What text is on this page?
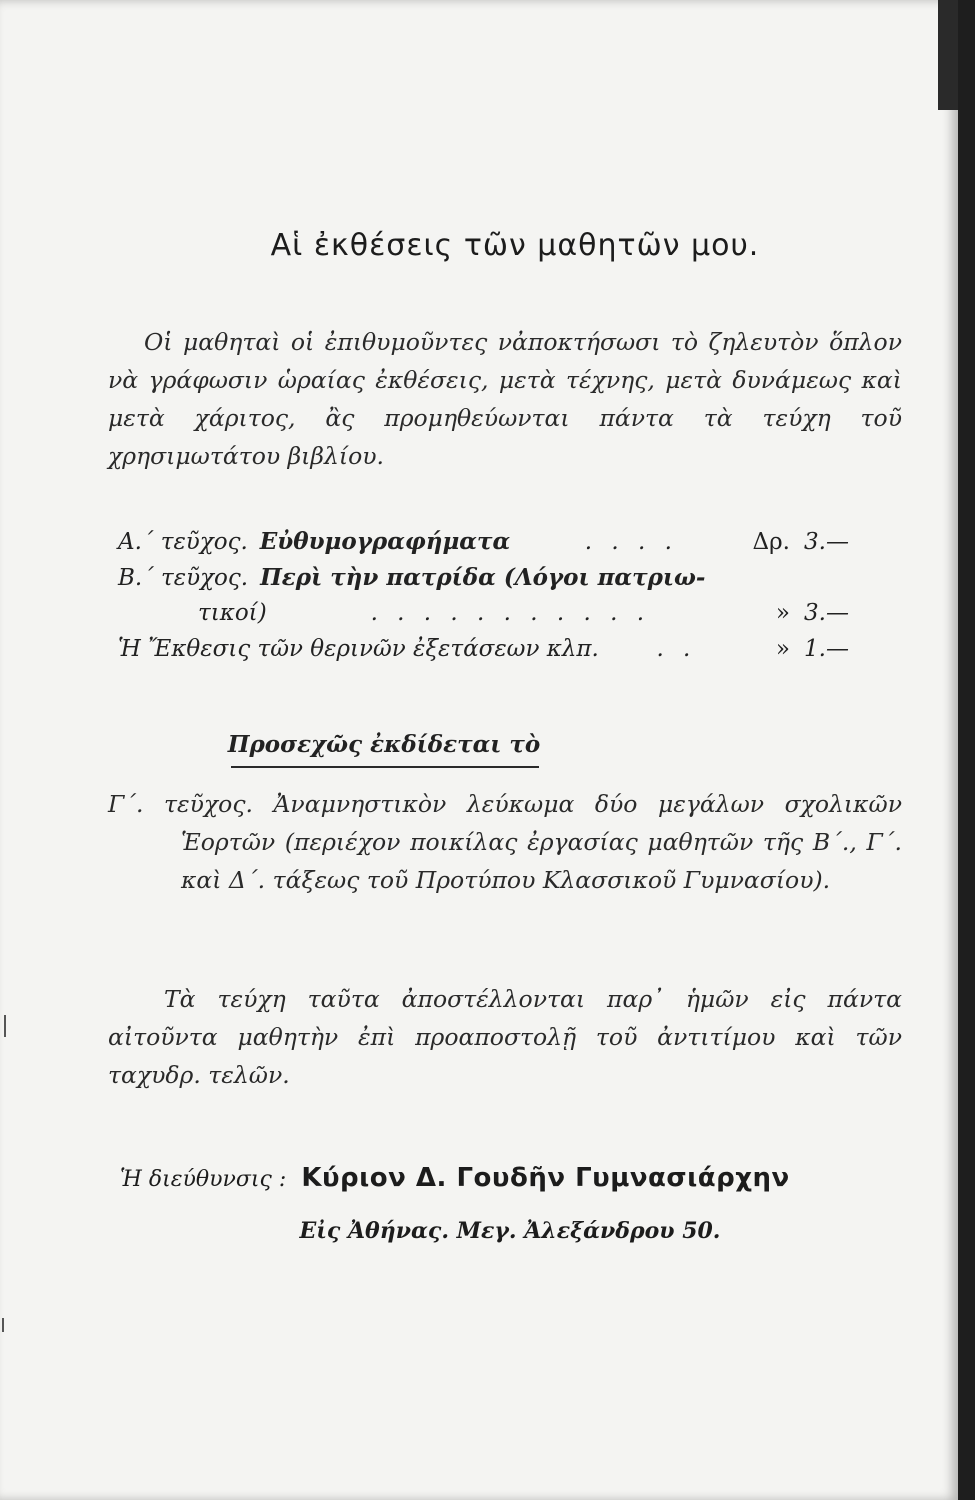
Αἱ ἐκθέσεις τῶν μαθητῶν μου.

Οἱ μαθηταὶ οἱ ἐπιθυμοῦντες νἀποκτήσωσι τὸ ζηλευτὸν ὅπλον νὰ γράφωσιν ὡραίας ἐκθέσεις, μετὰ τέχνης, μετὰ δυνάμεως καὶ μετὰ χάριτος, ἂς προμηθεύωνται πάντα τὰ τεύχη τοῦ χρησιμωτάτου βιβλίου.

Α.΄ τεῦχος. Εὐθυμογραφήματα	. . . .	Δρ. 3.—
Β.΄ τεῦχος. Περὶ τὴν πατρίδα (Λόγοι πατριω-
τικοί)	. . . . . . . . . . .	» 3.—
Ἡ Ἔκθεσις τῶν θερινῶν ἐξετάσεων κλπ.	. .	» 1.—
Προσεχῶς ἐκδίδεται τὸ

Γ΄. τεῦχος. Ἀναμνηστικὸν λεύκωμα δύο μεγάλων σχολικῶν Ἑορτῶν (περιέχον ποικίλας ἐργασίας μαθητῶν τῆς Β΄., Γ΄. καὶ Δ΄. τάξεως τοῦ Προτύπου Κλασσικοῦ Γυμνασίου).

Τὰ τεύχη ταῦτα ἀποστέλλονται παρ᾽ ἡμῶν εἰς πάντα αἰτοῦντα μαθητὴν ἐπὶ προαποστολῇ τοῦ ἀντιτίμου καὶ τῶν ταχυδρ. τελῶν.

Ἡ διεύθυνσις : Κύριον Δ. Γουδῆν Γυμνασιάρχην
Εἰς Ἀθήνας. Μεγ. Ἀλεξάνδρου 50.
